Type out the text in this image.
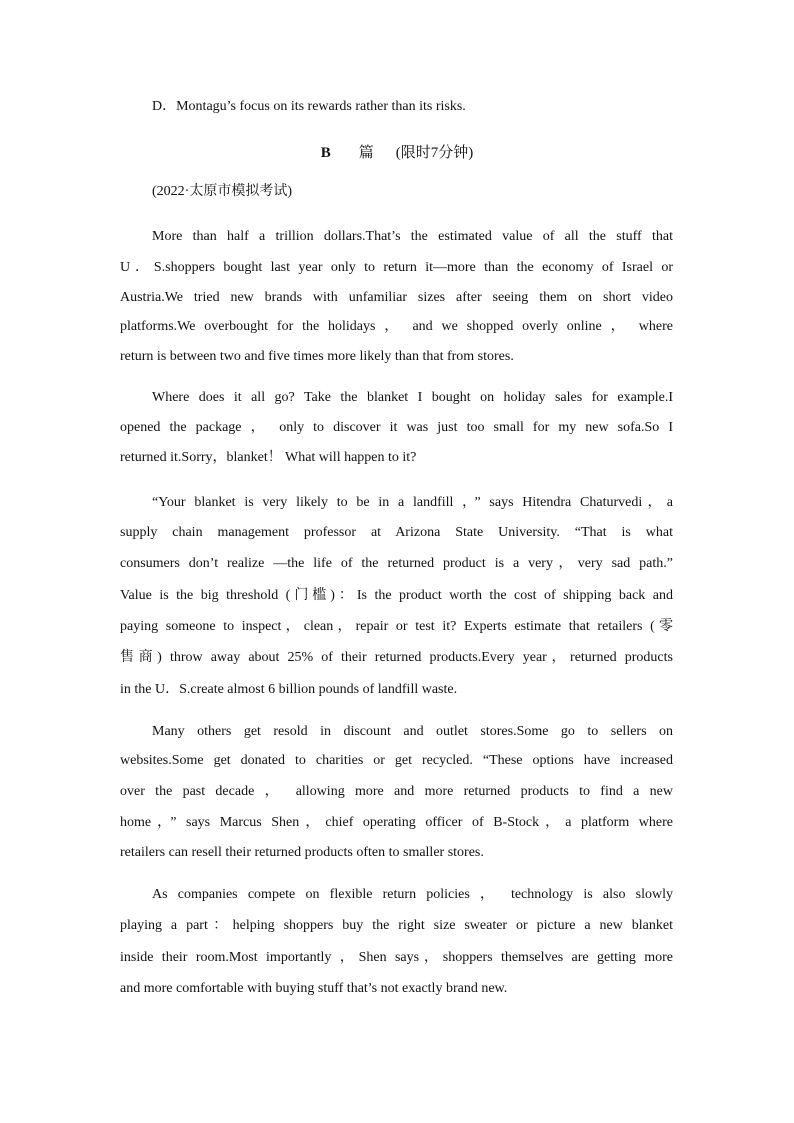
D．Montagu’s focus on its rewards rather than its risks.
B 篇 (限时7分钟)
(2022·太原市模拟考试)
More than half a trillion dollars.That’s the estimated value of all the stuff that
U．S.shoppers bought last year only to return it—more than the economy of Israel or
Austria.We tried new brands with unfamiliar sizes after seeing them on short video
platforms.We overbought for the holidays ， and we shopped overly online ， where
return is between two and five times more likely than that from stores.
Where does it all go? Take the blanket I bought on holiday sales for example.I
opened the package ， only to discover it was just too small for my new sofa.So I
returned it.Sorry，blanket！ What will happen to it?
“Your blanket is very likely to be in a landfill ，” says Hitendra Chaturvedi，a
supply chain management professor at Arizona State University. “That is what
consumers don’t realize —the life of the returned product is a very，very sad path.”
Value is the big threshold (门槛)：Is the product worth the cost of shipping back and
paying someone to inspect，clean，repair or test it? Experts estimate that retailers (零
售商) throw away about 25% of their returned products.Every year，returned products
in the U．S.create almost 6 billion pounds of landfill waste.
Many others get resold in discount and outlet stores.Some go to sellers on
websites.Some get donated to charities or get recycled. “These options have increased
over the past decade ， allowing more and more returned products to find a new
home，” says Marcus Shen，chief operating officer of B-Stock，a platform where
retailers can resell their returned products often to smaller stores.
As companies compete on flexible return policies ， technology is also slowly
playing a part：helping shoppers buy the right size sweater or picture a new blanket
inside their room.Most importantly ，Shen says，shoppers themselves are getting more
and more comfortable with buying stuff that’s not exactly brand new.
